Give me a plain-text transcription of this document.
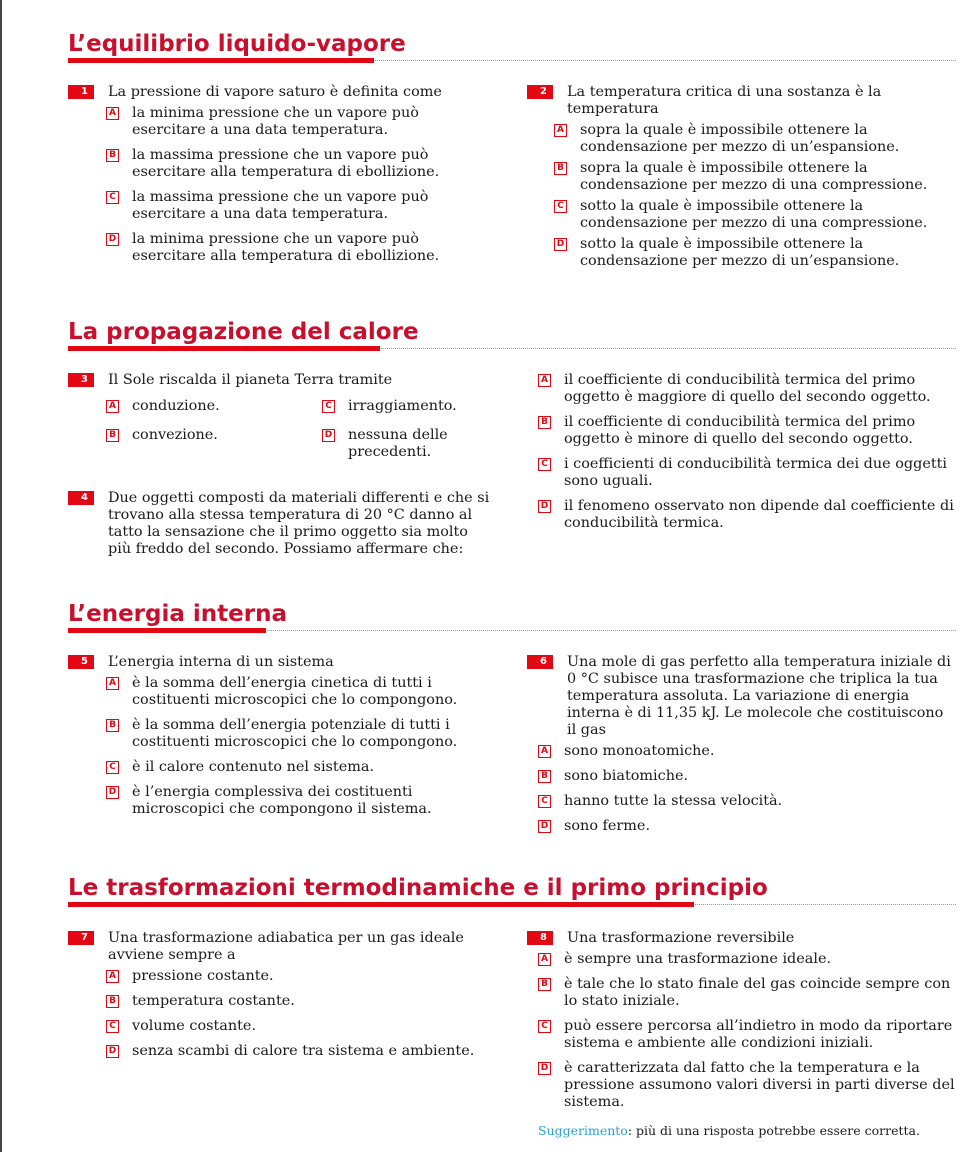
L’equilibrio liquido-vapore
1	La pressione di vapore saturo è definita come
A la minima pressione che un vapore può esercitare a una data temperatura.
B la massima pressione che un vapore può esercitare alla temperatura di ebollizione.
C la massima pressione che un vapore può esercitare a una data temperatura.
D la minima pressione che un vapore può esercitare alla temperatura di ebollizione.
2	La temperatura critica di una sostanza è la temperatura
A sopra la quale è impossibile ottenere la condensazione per mezzo di un’espansione.
B sopra la quale è impossibile ottenere la condensazione per mezzo di una compressione.
C sotto la quale è impossibile ottenere la condensazione per mezzo di una compressione.
D sotto la quale è impossibile ottenere la condensazione per mezzo di un’espansione.
La propagazione del calore
3	Il Sole riscalda il pianeta Terra tramite
A conduzione.
B convezione.
C irraggiamento.
D nessuna delle precedenti.
4	Due oggetti composti da materiali differenti e che si trovano alla stessa temperatura di 20 °C danno al tatto la sensazione che il primo oggetto sia molto più freddo del secondo. Possiamo affermare che:
A il coefficiente di conducibilità termica del primo oggetto è maggiore di quello del secondo oggetto.
B il coefficiente di conducibilità termica del primo oggetto è minore di quello del secondo oggetto.
C i coefficienti di conducibilità termica dei due oggetti sono uguali.
D il fenomeno osservato non dipende dal coefficiente di conducibilità termica.
L’energia interna
5	L’energia interna di un sistema
A è la somma dell’energia cinetica di tutti i costituenti microscopici che lo compongono.
B è la somma dell’energia potenziale di tutti i costituenti microscopici che lo compongono.
C è il calore contenuto nel sistema.
D è l’energia complessiva dei costituenti microscopici che compongono il sistema.
6	Una mole di gas perfetto alla temperatura iniziale di 0 °C subisce una trasformazione che triplica la tua temperatura assoluta. La variazione di energia interna è di 11,35 kJ. Le molecole che costituiscono il gas
A sono monoatomiche.
B sono biatomiche.
C hanno tutte la stessa velocità.
D sono ferme.
Le trasformazioni termodinamiche e il primo principio
7	Una trasformazione adiabatica per un gas ideale avviene sempre a
A pressione costante.
B temperatura costante.
C volume costante.
D senza scambi di calore tra sistema e ambiente.
8	Una trasformazione reversibile
A è sempre una trasformazione ideale.
B è tale che lo stato finale del gas coincide sempre con lo stato iniziale.
C può essere percorsa all’indietro in modo da riportare sistema e ambiente alle condizioni iniziali.
D è caratterizzata dal fatto che la temperatura e la pressione assumono valori diversi in parti diverse del sistema.
Suggerimento: più di una risposta potrebbe essere corretta.
